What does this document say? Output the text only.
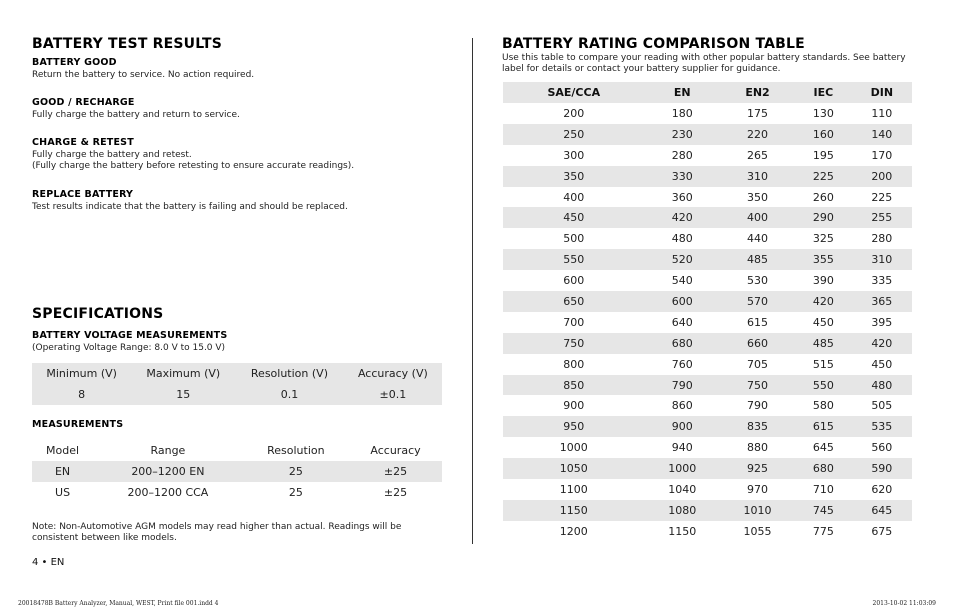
BATTERY TEST RESULTS
BATTERY GOOD
Return the battery to service. No action required.
GOOD / RECHARGE
Fully charge the battery and return to service.
CHARGE & RETEST
Fully charge the battery and retest.
(Fully charge the battery before retesting to ensure accurate readings).
REPLACE BATTERY
Test results indicate that the battery is failing and should be replaced.
SPECIFICATIONS
BATTERY VOLTAGE MEASUREMENTS
(Operating Voltage Range: 8.0 V to 15.0 V)
Minimum (V)	Maximum (V)	Resolution (V)	Accuracy (V)
8	15	0.1	±0.1
MEASUREMENTS
Model	Range	Resolution	Accuracy
EN	200–1200 EN	25	±25
US	200–1200 CCA	25	±25
Note: Non-Automotive AGM models may read higher than actual. Readings will be consistent between like models.
4 • EN
BATTERY RATING COMPARISON TABLE
Use this table to compare your reading with other popular battery standards. See battery label for details or contact your battery supplier for guidance.
SAE/CCA	EN	EN2	IEC	DIN
200	180	175	130	110
250	230	220	160	140
300	280	265	195	170
350	330	310	225	200
400	360	350	260	225
450	420	400	290	255
500	480	440	325	280
550	520	485	355	310
600	540	530	390	335
650	600	570	420	365
700	640	615	450	395
750	680	660	485	420
800	760	705	515	450
850	790	750	550	480
900	860	790	580	505
950	900	835	615	535
1000	940	880	645	560
1050	1000	925	680	590
1100	1040	970	710	620
1150	1080	1010	745	645
1200	1150	1055	775	675
20018478B Battery Analyzer, Manual, WEST, Print file 001.indd 4	2013-10-02 11:03:09
